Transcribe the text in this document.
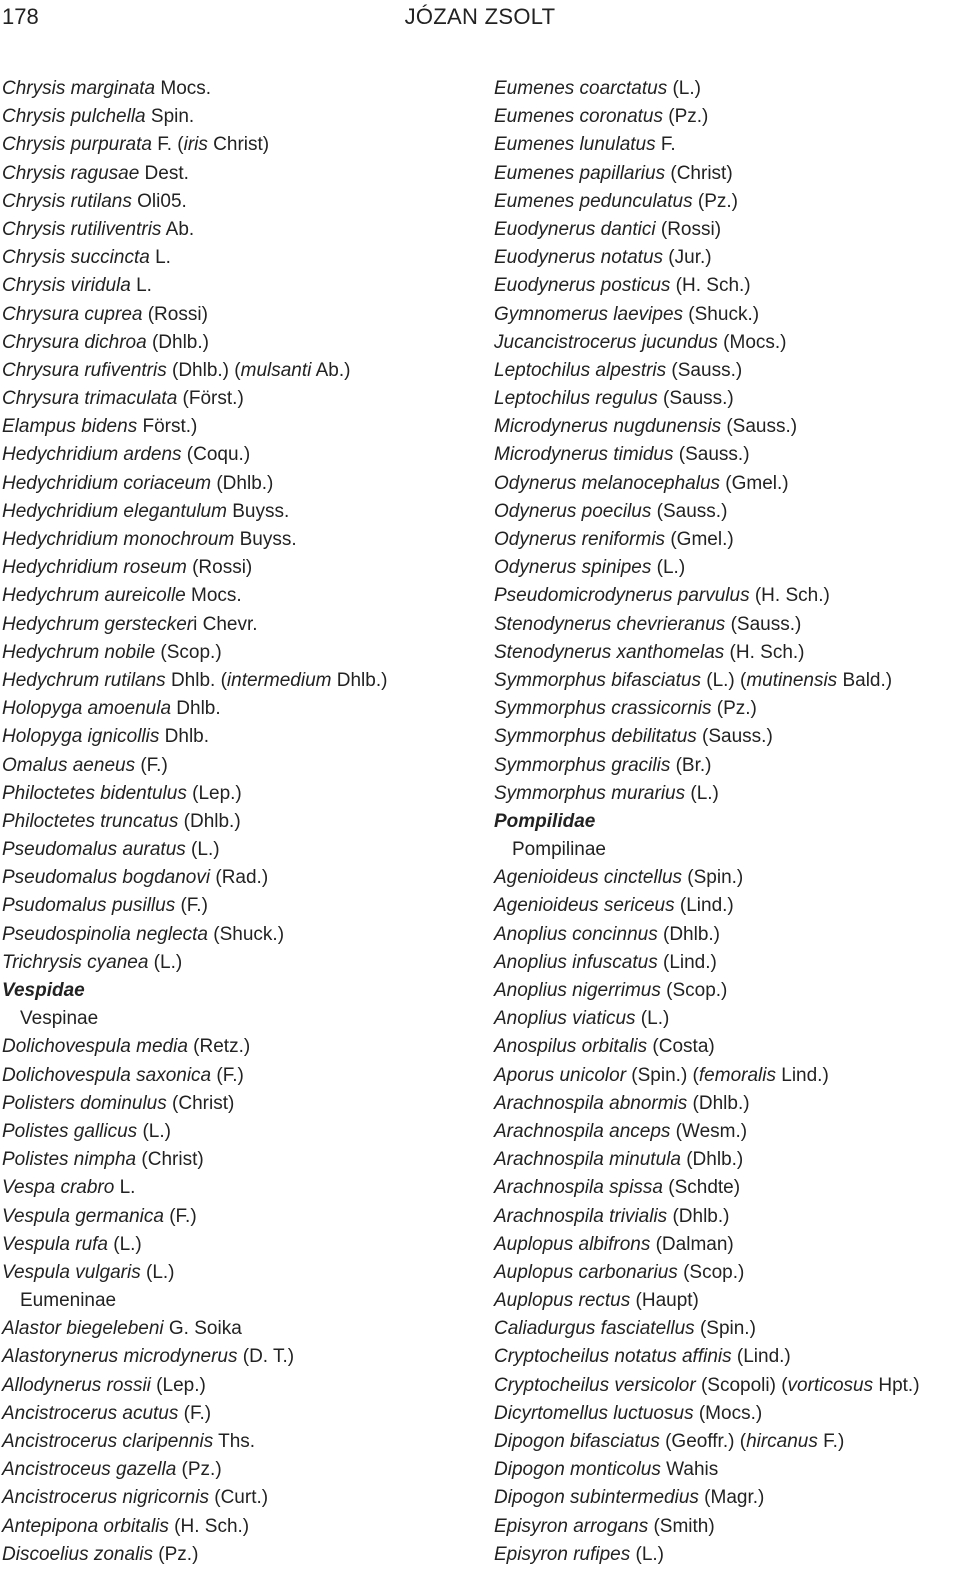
178	JÓZAN ZSOLT
Chrysis marginata Mocs.
Chrysis pulchella Spin.
Chrysis purpurata F. (iris Christ)
Chrysis ragusae Dest.
Chrysis rutilans Oli05.
Chrysis rutiliventris Ab.
Chrysis succincta L.
Chrysis viridula L.
Chrysura cuprea (Rossi)
Chrysura dichroa (Dhlb.)
Chrysura rufiventris (Dhlb.) (mulsanti Ab.)
Chrysura trimaculata (Först.)
Elampus bidens Först.)
Hedychridium ardens (Coqu.)
Hedychridium coriaceum (Dhlb.)
Hedychridium elegantulum Buyss.
Hedychridium monochroum Buyss.
Hedychridium roseum (Rossi)
Hedychrum aureicolle Mocs.
Hedychrum gersteckeri Chevr.
Hedychrum nobile (Scop.)
Hedychrum rutilans Dhlb. (intermedium Dhlb.)
Holopyga amoenula Dhlb.
Holopyga ignicollis Dhlb.
Omalus aeneus (F.)
Philoctetes bidentulus (Lep.)
Philoctetes truncatus (Dhlb.)
Pseudomalus auratus (L.)
Pseudomalus bogdanovi (Rad.)
Psudomalus pusillus (F.)
Pseudospinolia neglecta (Shuck.)
Trichrysis cyanea (L.)
Vespidae
Vespinae
Dolichovespula media (Retz.)
Dolichovespula saxonica (F.)
Polisters dominulus (Christ)
Polistes gallicus (L.)
Polistes nimpha (Christ)
Vespa crabro L.
Vespula germanica (F.)
Vespula rufa (L.)
Vespula vulgaris (L.)
Eumeninae
Alastor biegelebeni G. Soika
Alastorynerus microdynerus (D. T.)
Allodynerus rossii (Lep.)
Ancistrocerus acutus (F.)
Ancistrocerus claripennis Ths.
Ancistroceus gazella (Pz.)
Ancistrocerus nigricornis (Curt.)
Antepipona orbitalis (H. Sch.)
Discoelius zonalis (Pz.)
Eumenes coarctatus (L.)
Eumenes coronatus (Pz.)
Eumenes lunulatus F.
Eumenes papillarius (Christ)
Eumenes pedunculatus (Pz.)
Euodynerus dantici (Rossi)
Euodynerus notatus (Jur.)
Euodynerus posticus (H. Sch.)
Gymnomerus laevipes (Shuck.)
Jucancistrocerus jucundus (Mocs.)
Leptochilus alpestris (Sauss.)
Leptochilus regulus (Sauss.)
Microdynerus nugdunensis (Sauss.)
Microdynerus timidus (Sauss.)
Odynerus melanocephalus (Gmel.)
Odynerus poecilus (Sauss.)
Odynerus reniformis (Gmel.)
Odynerus spinipes (L.)
Pseudomicrodynerus parvulus (H. Sch.)
Stenodynerus chevrieranus (Sauss.)
Stenodynerus xanthomelas (H. Sch.)
Symmorphus bifasciatus (L.) (mutinensis Bald.)
Symmorphus crassicornis (Pz.)
Symmorphus debilitatus (Sauss.)
Symmorphus gracilis (Br.)
Symmorphus murarius (L.)
Pompilidae
Pompilinae
Agenioideus cinctellus (Spin.)
Agenioideus sericeus (Lind.)
Anoplius concinnus (Dhlb.)
Anoplius infuscatus (Lind.)
Anoplius nigerrimus (Scop.)
Anoplius viaticus (L.)
Anospilus orbitalis (Costa)
Aporus unicolor (Spin.) (femoralis Lind.)
Arachnospila abnormis (Dhlb.)
Arachnospila anceps (Wesm.)
Arachnospila minutula (Dhlb.)
Arachnospila spissa (Schdte)
Arachnospila trivialis (Dhlb.)
Auplopus albifrons (Dalman)
Auplopus carbonarius (Scop.)
Auplopus rectus (Haupt)
Caliadurgus fasciatellus (Spin.)
Cryptocheilus notatus affinis (Lind.)
Cryptocheilus versicolor (Scopoli) (vorticosus Hpt.)
Dicyrtomellus luctuosus (Mocs.)
Dipogon bifasciatus (Geoffr.) (hircanus F.)
Dipogon monticolus Wahis
Dipogon subintermedius (Magr.)
Episyron arrogans (Smith)
Episyron rufipes (L.)
